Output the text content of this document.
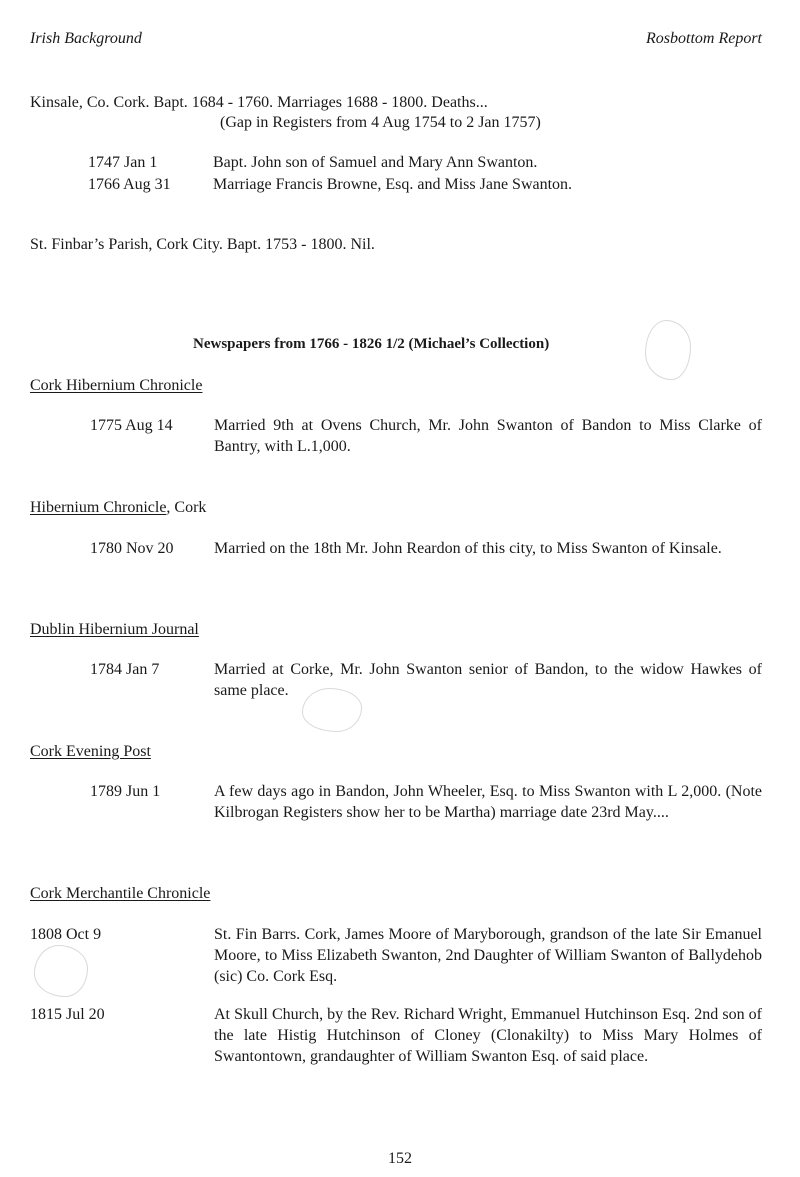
Irish Background	Rosbottom Report
Kinsale, Co. Cork. Bapt. 1684 - 1760. Marriages 1688 - 1800. Deaths...
(Gap in Registers from 4 Aug 1754 to 2 Jan 1757)
1747 Jan 1	Bapt. John son of Samuel and Mary Ann Swanton.
1766 Aug 31	Marriage Francis Browne, Esq. and Miss Jane Swanton.
St. Finbar’s Parish, Cork City. Bapt. 1753 - 1800. Nil.
Newspapers from 1766 - 1826 1/2 (Michael’s Collection)
Cork Hibernium Chronicle
1775 Aug 14	Married 9th at Ovens Church, Mr. John Swanton of Bandon to Miss Clarke of Bantry, with L.1,000.
Hibernium Chronicle, Cork
1780 Nov 20	Married on the 18th Mr. John Reardon of this city, to Miss Swanton of Kinsale.
Dublin Hibernium Journal
1784 Jan 7	Married at Corke, Mr. John Swanton senior of Bandon, to the widow Hawkes of same place.
Cork Evening Post
1789 Jun 1	A few days ago in Bandon, John Wheeler, Esq. to Miss Swanton with L 2,000. (Note Kilbrogan Registers show her to be Martha) marriage date 23rd May....
Cork Merchantile Chronicle
1808 Oct 9	St. Fin Barrs. Cork, James Moore of Maryborough, grandson of the late Sir Emanuel Moore, to Miss Elizabeth Swanton, 2nd Daughter of William Swanton of Ballydehob (sic) Co. Cork Esq.
1815 Jul 20	At Skull Church, by the Rev. Richard Wright, Emmanuel Hutchinson Esq. 2nd son of the late Histig Hutchinson of Cloney (Clonakilty) to Miss Mary Holmes of Swantontown, grandaughter of William Swanton Esq. of said place.
152
